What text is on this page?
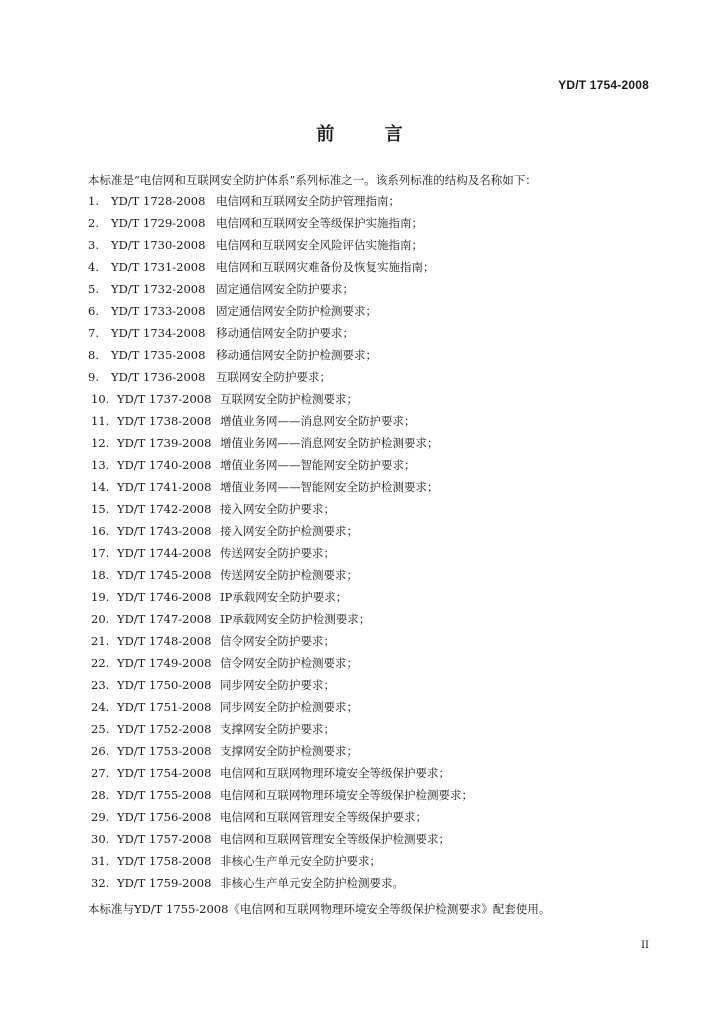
YD/T 1754-2008
前 言
本标准是“电信网和互联网安全防护体系”系列标准之一。该系列标准的结构及名称如下：
1.	YD/T 1728-2008 电信网和互联网安全防护管理指南；
2.	YD/T 1729-2008 电信网和互联网安全等级保护实施指南；
3.	YD/T 1730-2008 电信网和互联网安全风险评估实施指南；
4.	YD/T 1731-2008 电信网和互联网灾难备份及恢复实施指南；
5.	YD/T 1732-2008 固定通信网安全防护要求；
6.	YD/T 1733-2008 固定通信网安全防护检测要求；
7.	YD/T 1734-2008 移动通信网安全防护要求；
8.	YD/T 1735-2008 移动通信网安全防护检测要求；
9.	YD/T 1736-2008 互联网安全防护要求；
10. YD/T 1737-2008 互联网安全防护检测要求；
11. YD/T 1738-2008 增值业务网——消息网安全防护要求；
12. YD/T 1739-2008 增值业务网——消息网安全防护检测要求；
13. YD/T 1740-2008 增值业务网——智能网安全防护要求；
14. YD/T 1741-2008 增值业务网——智能网安全防护检测要求；
15. YD/T 1742-2008 接入网安全防护要求；
16. YD/T 1743-2008 接入网安全防护检测要求；
17. YD/T 1744-2008 传送网安全防护要求；
18. YD/T 1745-2008 传送网安全防护检测要求；
19. YD/T 1746-2008 IP承载网安全防护要求；
20. YD/T 1747-2008 IP承载网安全防护检测要求；
21. YD/T 1748-2008 信令网安全防护要求；
22. YD/T 1749-2008 信令网安全防护检测要求；
23. YD/T 1750-2008 同步网安全防护要求；
24. YD/T 1751-2008 同步网安全防护检测要求；
25. YD/T 1752-2008 支撑网安全防护要求；
26. YD/T 1753-2008 支撑网安全防护检测要求；
27. YD/T 1754-2008 电信网和互联网物理环境安全等级保护要求；
28. YD/T 1755-2008 电信网和互联网物理环境安全等级保护检测要求；
29. YD/T 1756-2008 电信网和互联网管理安全等级保护要求；
30. YD/T 1757-2008 电信网和互联网管理安全等级保护检测要求；
31. YD/T 1758-2008 非核心生产单元安全防护要求；
32. YD/T 1759-2008 非核心生产单元安全防护检测要求。
本标准与YD/T 1755-2008《电信网和互联网物理环境安全等级保护检测要求》配套使用。
II
